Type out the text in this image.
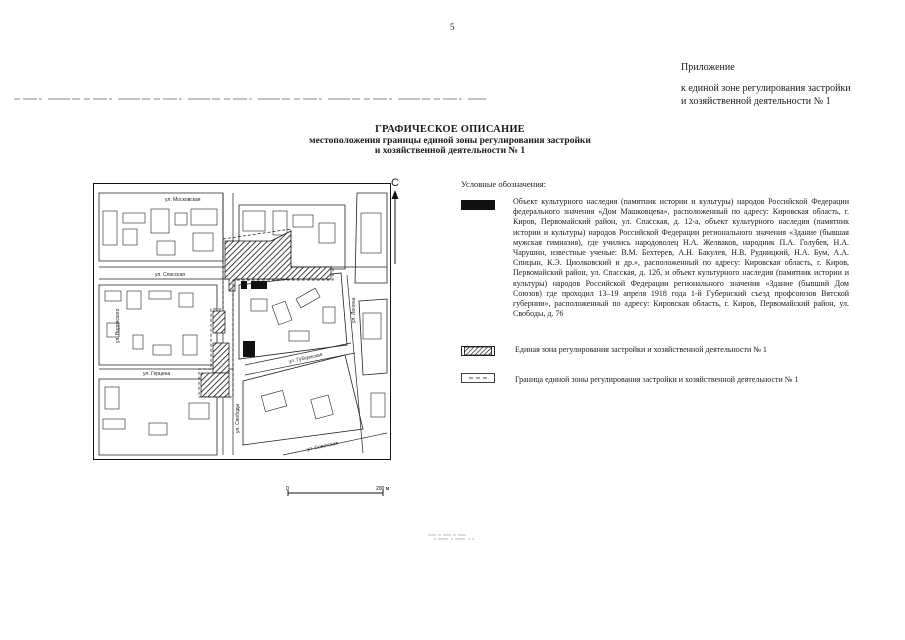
5
Приложение
к единой зоне регулирования застройки
и хозяйственной деятельности № 1
ГРАФИЧЕСКОЕ ОПИСАНИЕ
местоположения границы единой зоны регулирования застройки
и хозяйственной деятельности № 1
ул. Московская
ул. Спасская
ул. Герцена
ул. Губернская
ул. Советская
ул. Воровского
ул. Свободы
ул. Ленина
С
0	200 м
Условные обозначения:
Объект культурного наследия (памятник истории и культуры) народов Российской Федерации федерального значения «Дом Машковцева», расположенный по адресу: Кировская область, г. Киров, Первомайский район, ул. Спасская, д. 12-а, объект культурного наследия (памятник истории и культуры) народов Российской Федерации регионального значения «Здание (бывшая мужская гимназия), где учились народоволец Н.А. Желваков, народник П.А. Голубев, Н.А. Чарушин, известные ученые: В.М. Бехтерев, А.Н. Бакулев, Н.В. Рудницкий, Н.А. Бум, А.А. Спицын, К.Э. Циолковский и др.», расположенный по адресу: Кировская область, г. Киров, Первомайский район, ул. Спасская, д. 12б, и объект культурного наследия (памятник истории и культуры) народов Российской Федерации регионального значения «Здание (бывший Дом Союзов) где проходил 13–19 апреля 1918 года 1-й Губернский съезд профсоюзов Вятской губернии», расположенный по адресу: Кировская область, г. Киров, Первомайский район, ул. Свободы, д. 76
Единая зона регулирования застройки и хозяйственной деятельности № 1
Граница единой зоны регулирования застройки и хозяйственной деятельности № 1
